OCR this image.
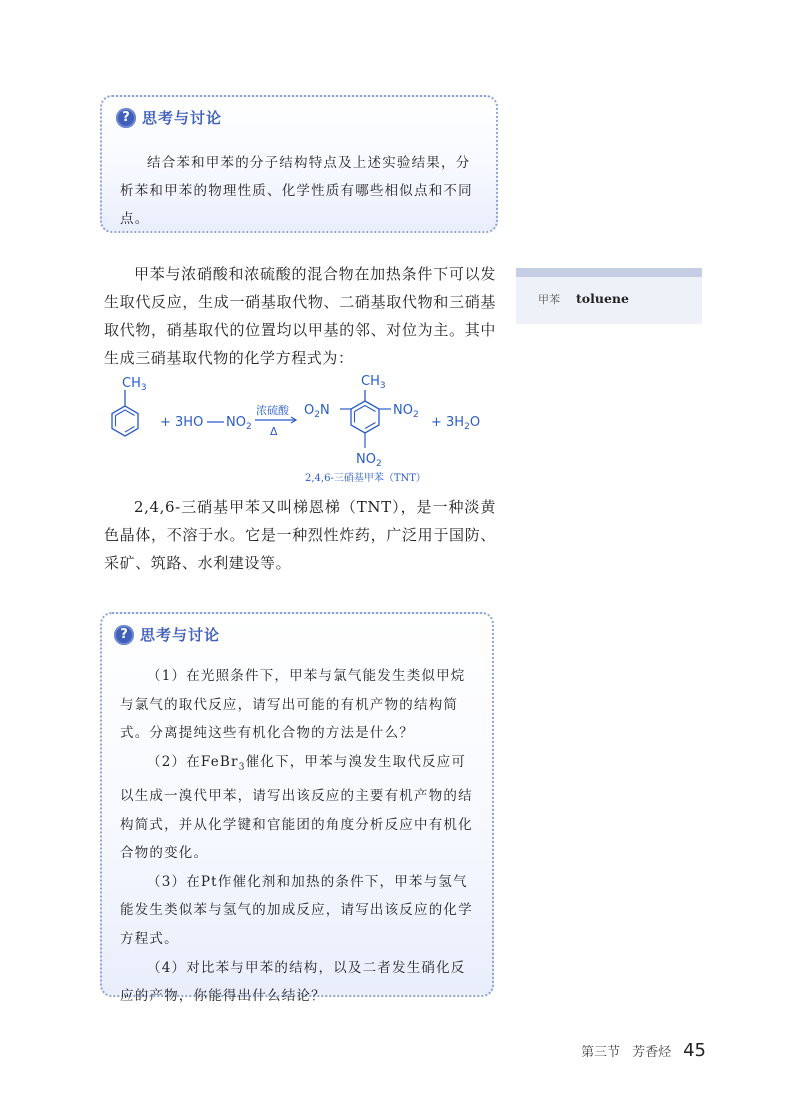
? 思考与讨论
结合苯和甲苯的分子结构特点及上述实验结果，分析苯和甲苯的物理性质、化学性质有哪些相似点和不同点。
甲苯与浓硝酸和浓硫酸的混合物在加热条件下可以发生取代反应，生成一硝基取代物、二硝基取代物和三硝基取代物，硝基取代的位置均以甲基的邻、对位为主。其中生成三硝基取代物的化学方程式为：
甲苯 toluene
$CH_3$
+ 3HO $NO_2$
浓硫酸
Δ
$CH_3$
$O_2N$	$NO_2$
$NO_2$
+ $3H_2O$
2,4,6-三硝基甲苯（TNT）
2,4,6-三硝基甲苯又叫梯恩梯（TNT），是一种淡黄色晶体，不溶于水。它是一种烈性炸药，广泛用于国防、采矿、筑路、水利建设等。
? 思考与讨论

（1）在光照条件下，甲苯与氯气能发生类似甲烷与氯气的取代反应，请写出可能的有机产物的结构简式。分离提纯这些有机化合物的方法是什么？

（2）在FeBr$_3$催化下，甲苯与溴发生取代反应可以生成一溴代甲苯，请写出该反应的主要有机产物的结构简式，并从化学键和官能团的角度分析反应中有机化合物的变化。

（3）在Pt作催化剂和加热的条件下，甲苯与氢气能发生类似苯与氢气的加成反应，请写出该反应的化学方程式。

（4）对比苯与甲苯的结构，以及二者发生硝化反应的产物，你能得出什么结论？

第三节 芳香烃 45
